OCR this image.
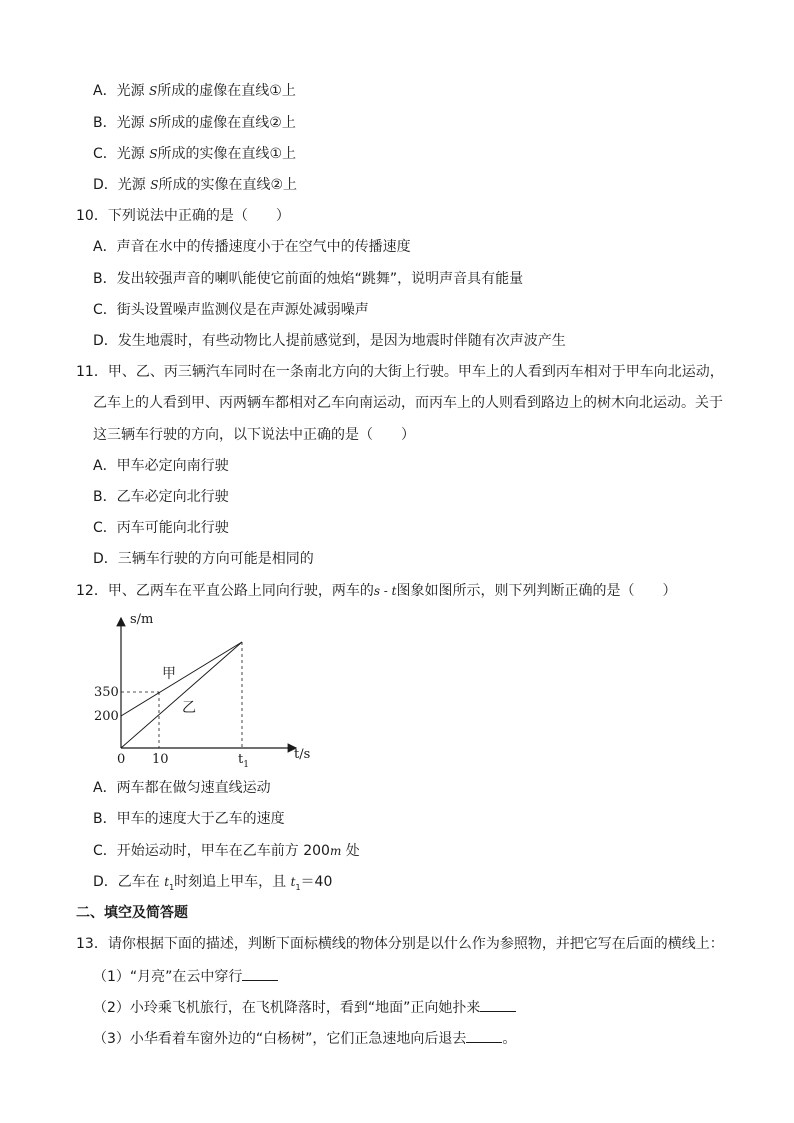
A．光源 S所成的虚像在直线①上
B．光源 S所成的虚像在直线②上
C．光源 S所成的实像在直线①上
D．光源 S所成的实像在直线②上
10．下列说法中正确的是（　　）
A．声音在水中的传播速度小于在空气中的传播速度
B．发出较强声音的喇叭能使它前面的烛焰“跳舞”，说明声音具有能量
C．街头设置噪声监测仪是在声源处减弱噪声
D．发生地震时，有些动物比人提前感觉到，是因为地震时伴随有次声波产生
11．甲、乙、丙三辆汽车同时在一条南北方向的大街上行驶。甲车上的人看到丙车相对于甲车向北运动，
乙车上的人看到甲、丙两辆车都相对乙车向南运动，而丙车上的人则看到路边上的树木向北运动。关于
这三辆车行驶的方向，以下说法中正确的是（　　）
A．甲车必定向南行驶
B．乙车必定向北行驶
C．丙车可能向北行驶
D．三辆车行驶的方向可能是相同的
12．甲、乙两车在平直公路上同向行驶，两车的s - t图象如图所示，则下列判断正确的是（　　）
s/m
t/s
0 10	$t_1$
350
200
甲
乙
A．两车都在做匀速直线运动
B．甲车的速度大于乙车的速度
C．开始运动时，甲车在乙车前方 200m 处
D．乙车在 $t_1$时刻追上甲车，且 $t_1=40$
二、填空及简答题
13．请你根据下面的描述，判断下面标横线的物体分别是以什么作为参照物，并把它写在后面的横线上：
（1）“月亮”在云中穿行
（2）小玲乘飞机旅行，在飞机降落时，看到“地面”正向她扑来
（3）小华看着车窗外边的“白杨树”，它们正急速地向后退去	。
